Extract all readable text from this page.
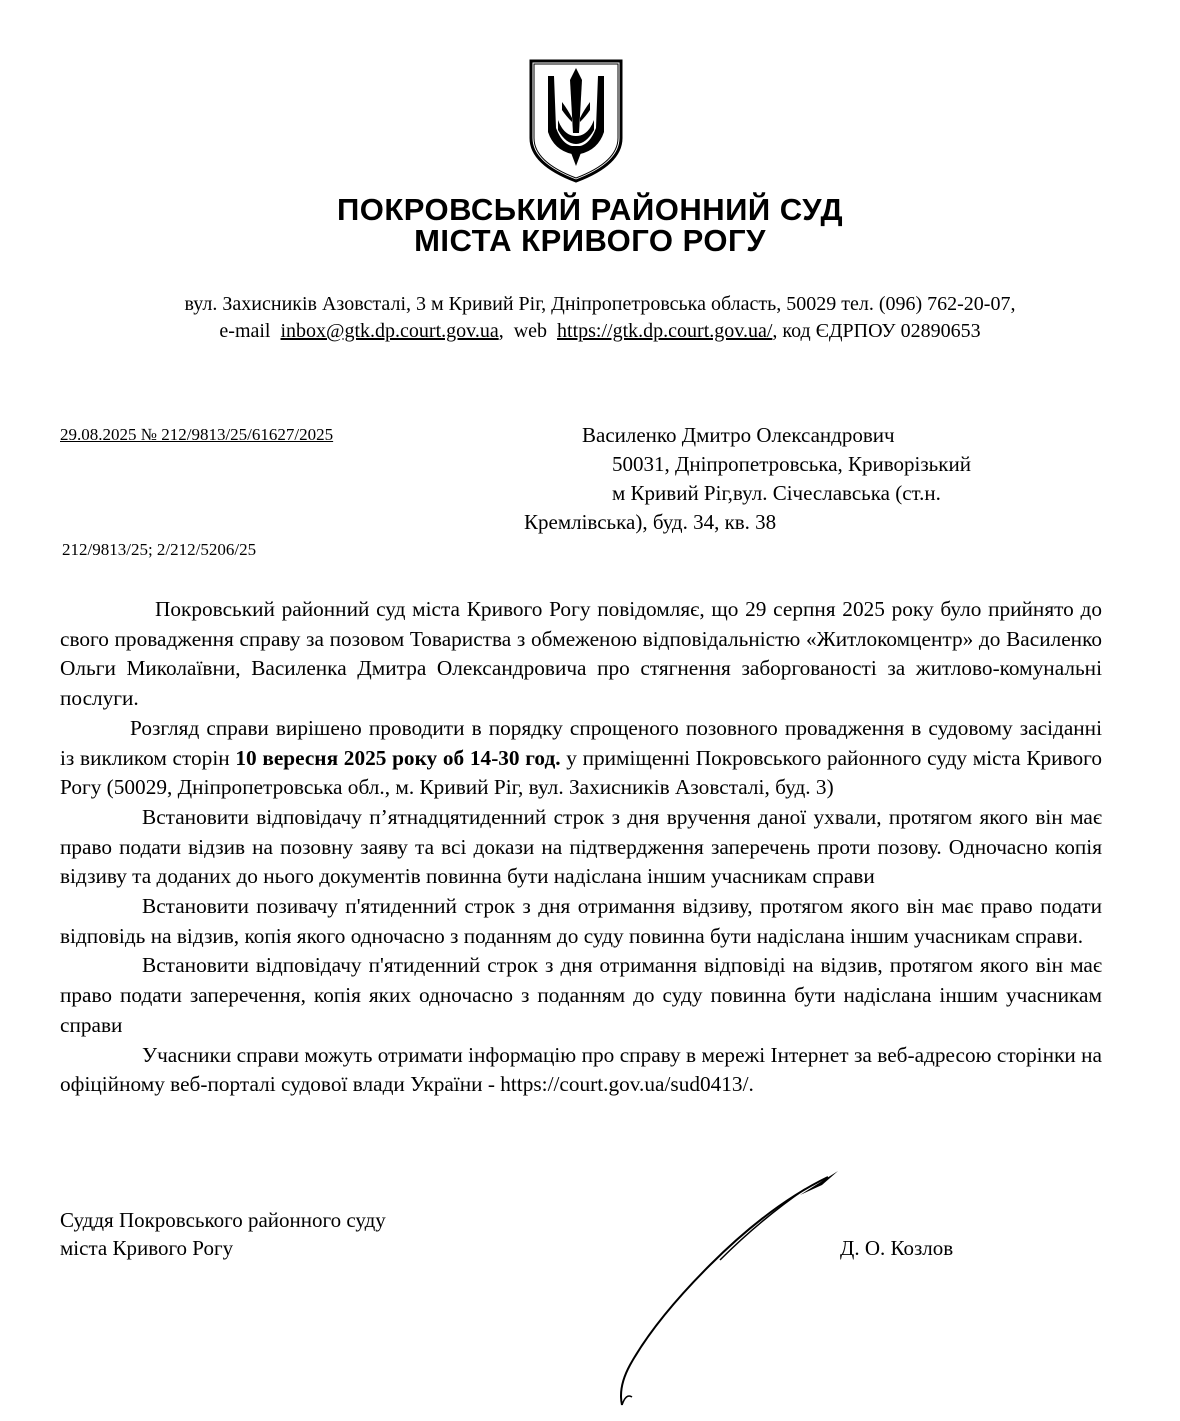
ПОКРОВСЬКИЙ РАЙОННИЙ СУД
МІСТА КРИВОГО РОГУ
вул. Захисників Азовсталі, 3 м Кривий Ріг, Дніпропетровська область, 50029 тел. (096) 762-20-07,
e-mail inbox@gtk.dp.court.gov.ua,  web https://gtk.dp.court.gov.ua/, код ЄДРПОУ 02890653
29.08.2025 № 212/9813/25/61627/2025
212/9813/25; 2/212/5206/25
Василенко Дмитро Олександрович
50031, Дніпропетровська, Криворізький
м Кривий Ріг,вул. Січеславська (ст.н.
Кремлівська), буд. 34, кв. 38

Покровський районний суд міста Кривого Рогу повідомляє, що 29 серпня 2025 року було прийнято до свого провадження справу за позовом Товариства з обмеженою відповідальністю «Житлокомцентр» до Василенко Ольги Миколаївни, Василенка Дмитра Олександровича про стягнення заборгованості за житлово-комунальні послуги.

Розгляд справи вирішено проводити в порядку спрощеного позовного провадження в судовому засіданні із викликом сторін 10 вересня 2025 року об 14-30 год. у приміщенні Покровського районного суду міста Кривого Рогу (50029, Дніпропетровська обл., м. Кривий Ріг, вул. Захисників Азовсталі, буд. 3)

Встановити відповідачу п’ятнадцятиденний строк з дня вручення даної ухвали, протягом якого він має право подати відзив на позовну заяву та всі докази на підтвердження заперечень проти позову. Одночасно копія відзиву та доданих до нього документів повинна бути надіслана іншим учасникам справи

Встановити позивачу п'ятиденний строк з дня отримання відзиву, протягом якого він має право подати відповідь на відзив, копія якого одночасно з поданням до суду повинна бути надіслана іншим учасникам справи.

Встановити відповідачу п'ятиденний строк з дня отримання відповіді на відзив, протягом якого він має право подати заперечення, копія яких одночасно з поданням до суду повинна бути надіслана іншим учасникам справи

Учасники справи можуть отримати інформацію про справу в мережі Інтернет за веб-адресою сторінки на офіційному веб-порталі судової влади України - https://court.gov.ua/sud0413/.

Суддя Покровського районного суду
міста Кривого Рогу	Д. О. Козлов
